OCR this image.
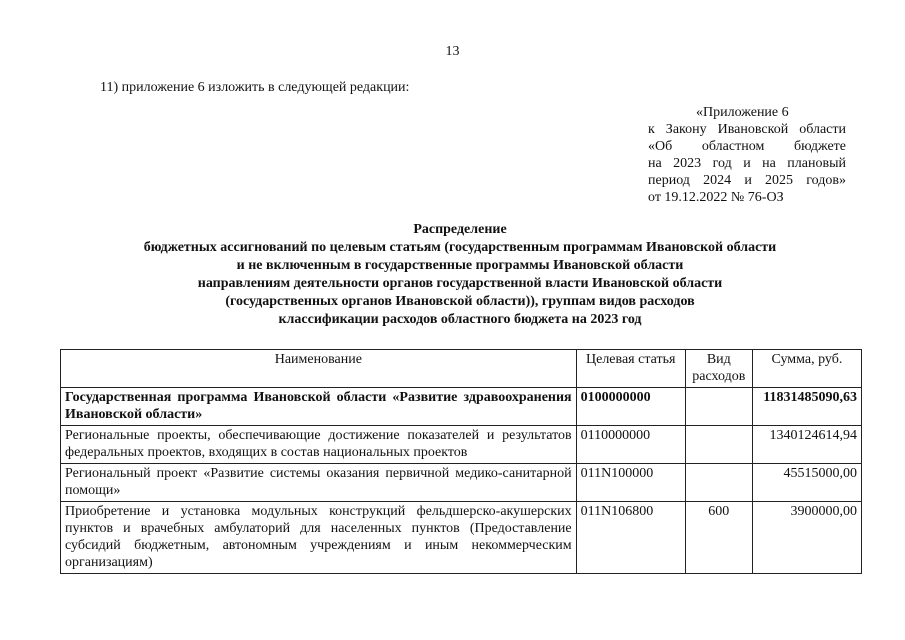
13
11) приложение 6 изложить в следующей редакции:
«Приложение 6
к Закону Ивановской области
«Об областном бюджете
на 2023 год и на плановый
период 2024 и 2025 годов»
от 19.12.2022 № 76-ОЗ
Распределение
бюджетных ассигнований по целевым статьям (государственным программам Ивановской области
и не включенным в государственные программы Ивановской области
направлениям деятельности органов государственной власти Ивановской области
(государственных органов Ивановской области)), группам видов расходов
классификации расходов областного бюджета на 2023 год
Наименование	Целевая статья	Вид расходов	Сумма, руб.
Государственная программа Ивановской области «Развитие здравоохранения Ивановской области»	0100000000		11831485090,63
Региональные проекты, обеспечивающие достижение показателей и результатов федеральных проектов, входящих в состав национальных проектов	0110000000		1340124614,94
Региональный проект «Развитие системы оказания первичной медико-санитарной помощи»	011N100000		45515000,00
Приобретение и установка модульных конструкций фельдшерско-акушерских пунктов и врачебных амбулаторий для населенных пунктов (Предоставление субсидий бюджетным, автономным учреждениям и иным некоммерческим организациям)	011N106800	600	3900000,00
